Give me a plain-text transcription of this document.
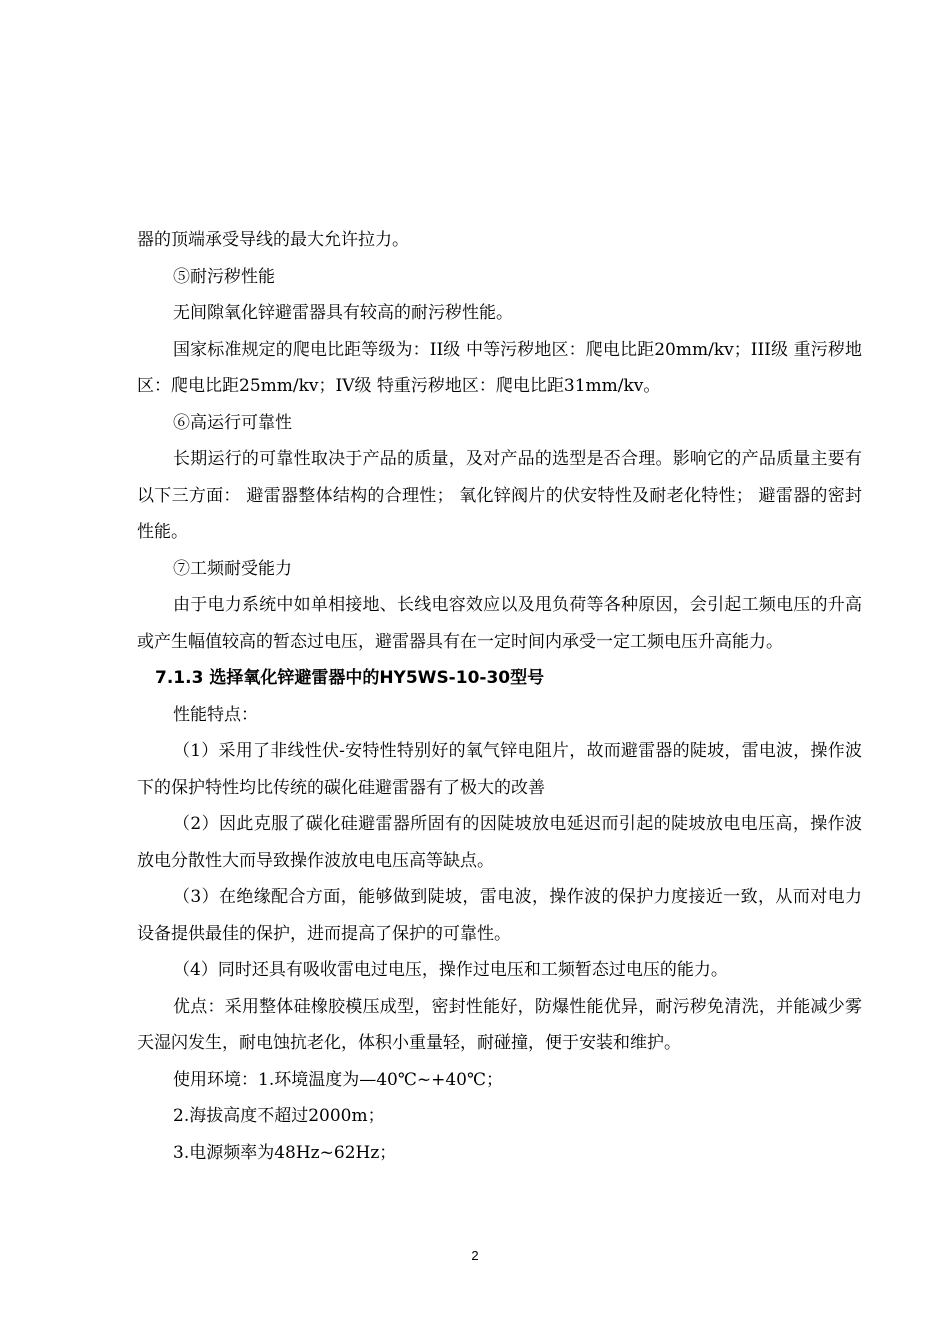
器的顶端承受导线的最大允许拉力。

⑤耐污秽性能

无间隙氧化锌避雷器具有较高的耐污秽性能。

国家标准规定的爬电比距等级为：II级 中等污秽地区：爬电比距20mm/kv；III级 重污秽地区：爬电比距25mm/kv；IV级 特重污秽地区：爬电比距31mm/kv。

⑥高运行可靠性

长期运行的可靠性取决于产品的质量，及对产品的选型是否合理。影响它的产品质量主要有以下三方面： 避雷器整体结构的合理性； 氧化锌阀片的伏安特性及耐老化特性； 避雷器的密封性能。

⑦工频耐受能力

由于电力系统中如单相接地、长线电容效应以及甩负荷等各种原因，会引起工频电压的升高或产生幅值较高的暂态过电压，避雷器具有在一定时间内承受一定工频电压升高能力。

7.1.3 选择氧化锌避雷器中的HY5WS-10-30型号

性能特点：

（1）采用了非线性伏-安特性特别好的氧气锌电阻片，故而避雷器的陡坡，雷电波，操作波下的保护特性均比传统的碳化硅避雷器有了极大的改善

（2）因此克服了碳化硅避雷器所固有的因陡坡放电延迟而引起的陡坡放电电压高，操作波放电分散性大而导致操作波放电电压高等缺点。

（3）在绝缘配合方面，能够做到陡坡，雷电波，操作波的保护力度接近一致，从而对电力设备提供最佳的保护，进而提高了保护的可靠性。

（4）同时还具有吸收雷电过电压，操作过电压和工频暂态过电压的能力。

优点：采用整体硅橡胶模压成型，密封性能好，防爆性能优异，耐污秽免清洗，并能减少雾天湿闪发生，耐电蚀抗老化，体积小重量轻，耐碰撞，便于安装和维护。

使用环境：1.环境温度为—40℃~+40℃；

2.海拔高度不超过2000m；

3.电源频率为48Hz~62Hz；

2
